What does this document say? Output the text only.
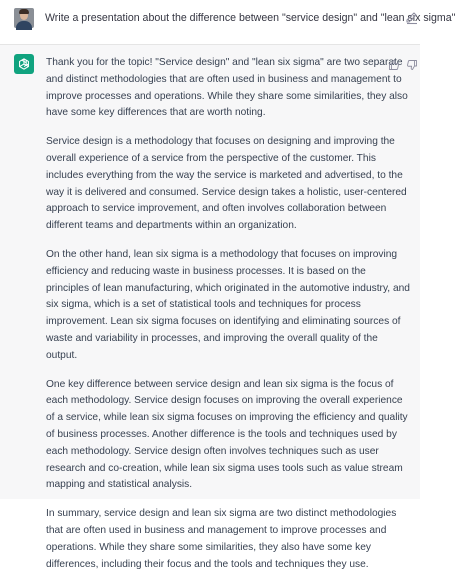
Write a presentation about the difference between "service design" and "lean six sigma"

Thank you for the topic! "Service design" and "lean six sigma" are two separate and distinct methodologies that are often used in business and management to improve processes and operations. While they share some similarities, they also have some key differences that are worth noting.

Service design is a methodology that focuses on designing and improving the overall experience of a service from the perspective of the customer. This includes everything from the way the service is marketed and advertised, to the way it is delivered and consumed. Service design takes a holistic, user-centered approach to service improvement, and often involves collaboration between different teams and departments within an organization.

On the other hand, lean six sigma is a methodology that focuses on improving efficiency and reducing waste in business processes. It is based on the principles of lean manufacturing, which originated in the automotive industry, and six sigma, which is a set of statistical tools and techniques for process improvement. Lean six sigma focuses on identifying and eliminating sources of waste and variability in processes, and improving the overall quality of the output.

One key difference between service design and lean six sigma is the focus of each methodology. Service design focuses on improving the overall experience of a service, while lean six sigma focuses on improving the efficiency and quality of business processes. Another difference is the tools and techniques used by each methodology. Service design often involves techniques such as user research and co-creation, while lean six sigma uses tools such as value stream mapping and statistical analysis.

In summary, service design and lean six sigma are two distinct methodologies that are often used in business and management to improve processes and operations. While they share some similarities, they also have some key differences, including their focus and the tools and techniques they use.
